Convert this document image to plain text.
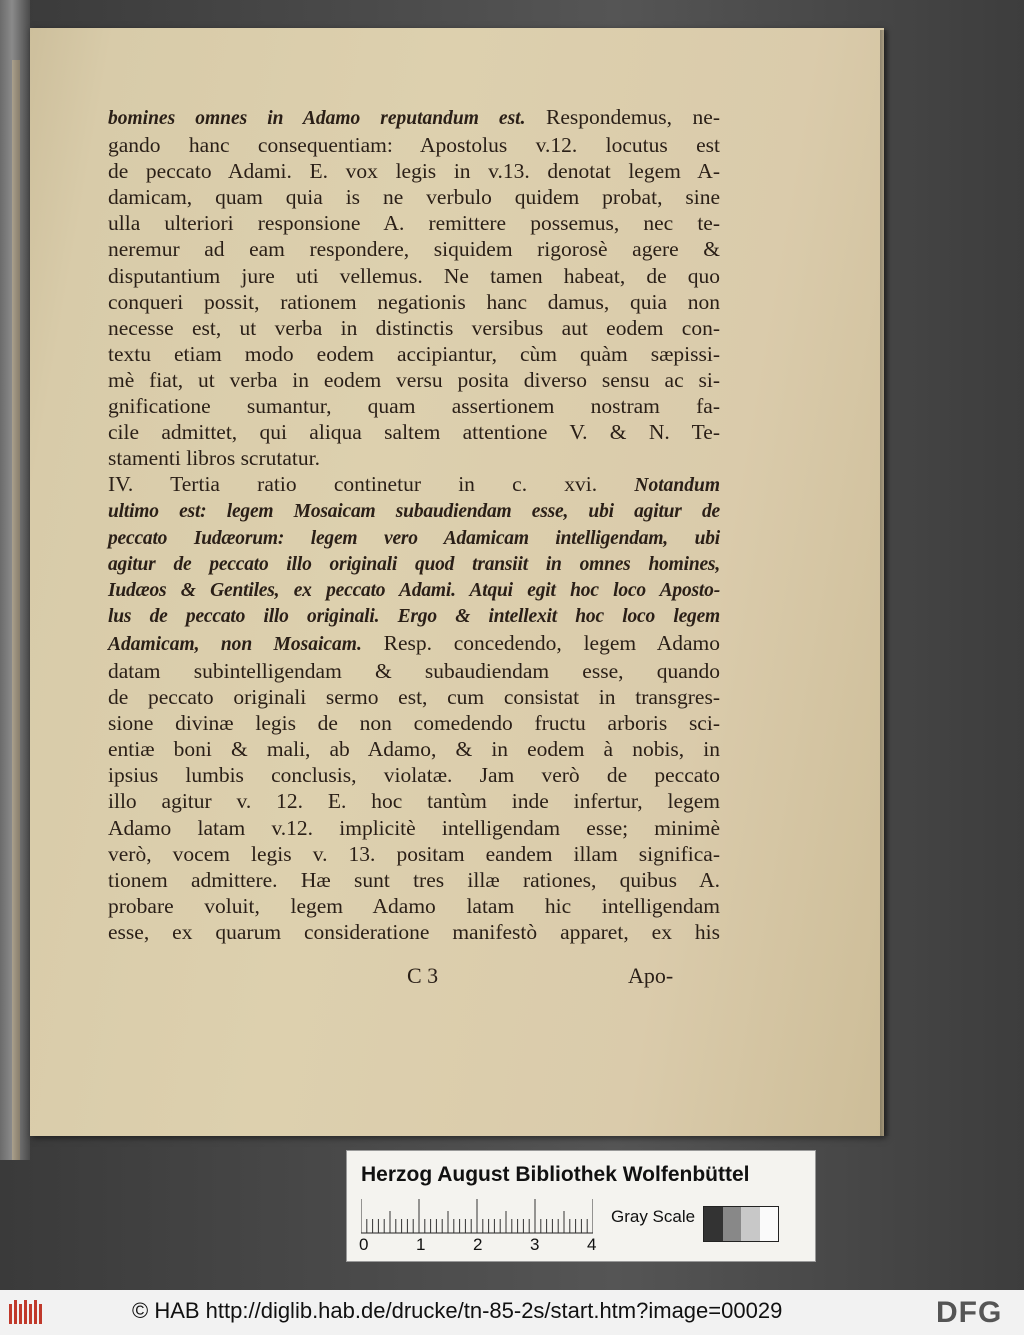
bomines omnes in Adamo reputandum est. Respondemus, ne-
gando hanc consequentiam: Apostolus v.12. locutus est
de peccato Adami. E. vox legis in v.13. denotat legem A-
damicam, quam quia is ne verbulo quidem probat, sine
ulla ulteriori responsione A. remittere possemus, nec te-
neremur ad eam respondere, siquidem rigorosè agere &
disputantium jure uti vellemus. Ne tamen habeat, de quo
conqueri possit, rationem negationis hanc damus, quia non
necesse est, ut verba in distinctis versibus aut eodem con-
textu etiam modo eodem accipiantur, cùm quàm sæpissi-
mè fiat, ut verba in eodem versu posita diverso sensu ac si-
gnificatione sumantur, quam assertionem nostram fa-
cile admittet, qui aliqua saltem attentione V. & N. Te-
stamenti libros scrutatur.
IV. Tertia ratio continetur in c. xvi. Notandum
ultimo est: legem Mosaicam subaudiendam esse, ubi agitur de
peccato Iudæorum: legem vero Adamicam intelligendam, ubi
agitur de peccato illo originali quod transiit in omnes homines,
Iudæos & Gentiles, ex peccato Adami. Atqui egit hoc loco Aposto-
lus de peccato illo originali. Ergo & intellexit hoc loco legem
Adamicam, non Mosaicam. Resp. concedendo, legem Adamo
datam subintelligendam & subaudiendam esse, quando
de peccato originali sermo est, cum consistat in transgres-
sione divinæ legis de non comedendo fructu arboris sci-
entiæ boni & mali, ab Adamo, & in eodem à nobis, in
ipsius lumbis conclusis, violatæ. Jam verò de peccato
illo agitur v. 12. E. hoc tantùm inde infertur, legem
Adamo latam v.12. implicitè intelligendam esse; minimè
verò, vocem legis v. 13. positam eandem illam significa-
tionem admittere. Hæ sunt tres illæ rationes, quibus A.
probare voluit, legem Adamo latam hic intelligendam
esse, ex quarum consideratione manifestò apparet, ex his
C 3	Apo-
Herzog August Bibliothek Wolfenbüttel
0	1	2	3	4
Gray Scale
© HAB http://diglib.hab.de/drucke/tn-85-2s/start.htm?image=00029	DFG
